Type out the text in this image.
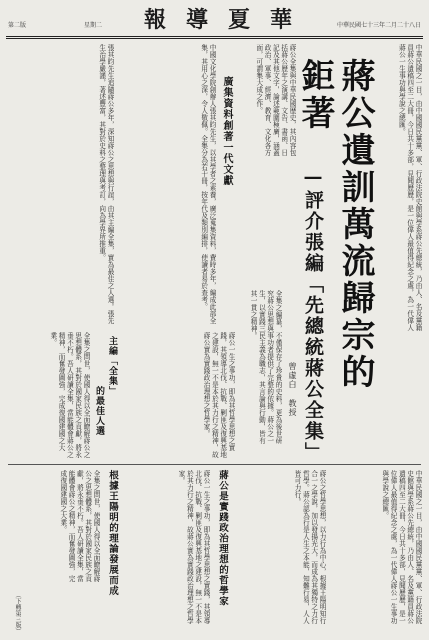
第二版	星期二	華
夏
導
報	中華民國七十三年二月二十八日
蔣公遺訓萬流歸宗的鉅著
—評介張編「先總統蔣公全集」
曾虛白 教授
中華民國之一目，由中國國民黨黨、軍、行政法院史館與學系蔣公先總統，乃由人、名及黨籍員蔣公遺稿四至二大冊，今日共十多部，見聞歷歷，是一位偉人最值得紀念之處，為一代偉人蔣公一生事功與學說之總匯。
蔣公全集與中華民國歷史，其內容包括蔣公歷年之演講、文告、書函、日記及其他文字，論述範圍極廣，涵蓋政治、軍事、經濟、教育、文化各方面，可謂集大成之作。
全集之編纂，不僅保存了珍貴的史料，更為後世研究蔣公思想與事功者提供了完整的依據。蔣公之一生，以實踐三民主義為職志，其言論與行動，皆有其一貫之精神。
廣集資料創著一代文獻
中國文化學院創辦人張其昀先生，以其學者之素養，廣泛蒐集資料，費時多年，編成此部全集，其用心之深，令人敬佩。全集分為若干冊，按年代及類別編排，使讀者易於查考。
張其昀先生追隨蔣公多年，深知蔣公之思想與行誼，由其主編全集，實為最佳之人選。張先生治學嚴謹，著述豐富，其對於史料之整理與考訂，向為學界所推重。
主編「全集」
的最佳人選
全集之問世，使國人得以全面瞭解蔣公之思想體系，其對於國家民族之貢獻，將永垂不朽。吾人研讀全集，當能體會蔣公之精神，而奮發圖強，完成復國建國之大業。	蔣公一生之事功，即為其哲學思想之實踐，其領導北伐、抗戰、剿匪及復興基地之建設，無一不是本於其力行之精神，故蔣公實為實踐政治理想之哲學家。
蔣公是實踐政治理想的哲學家
根據王陽明的理論發展而成	中華民國之一目，由中國國民黨黨、軍、行政法院史館與學系蔣公先總統，乃由人、名及黨籍員蔣公遺稿四至二大冊，今日共十多部，見聞歷歷，是一位偉人最值得紀念之處，為一代偉人蔣公一生事功與學說之總匯。
蔣公之哲學思想，以力行為中心，根據王陽明知行合一之學說，加以發揚光大，而成為其獨特之力行哲學。蔣公認為行是人生之本能，知難行易，人人皆可力行。
蔣公一生之事功，即為其哲學思想之實踐，其領導北伐、抗戰、剿匪及復興基地之建設，無一不是本於其力行之精神，故蔣公實為實踐政治理想之哲學家。
全集之問世，使國人得以全面瞭解蔣公之思想體系，其對於國家民族之貢獻，將永垂不朽。吾人研讀全集，當能體會蔣公之精神，而奮發圖強，完成復國建國之大業。
（下轉第三版）
